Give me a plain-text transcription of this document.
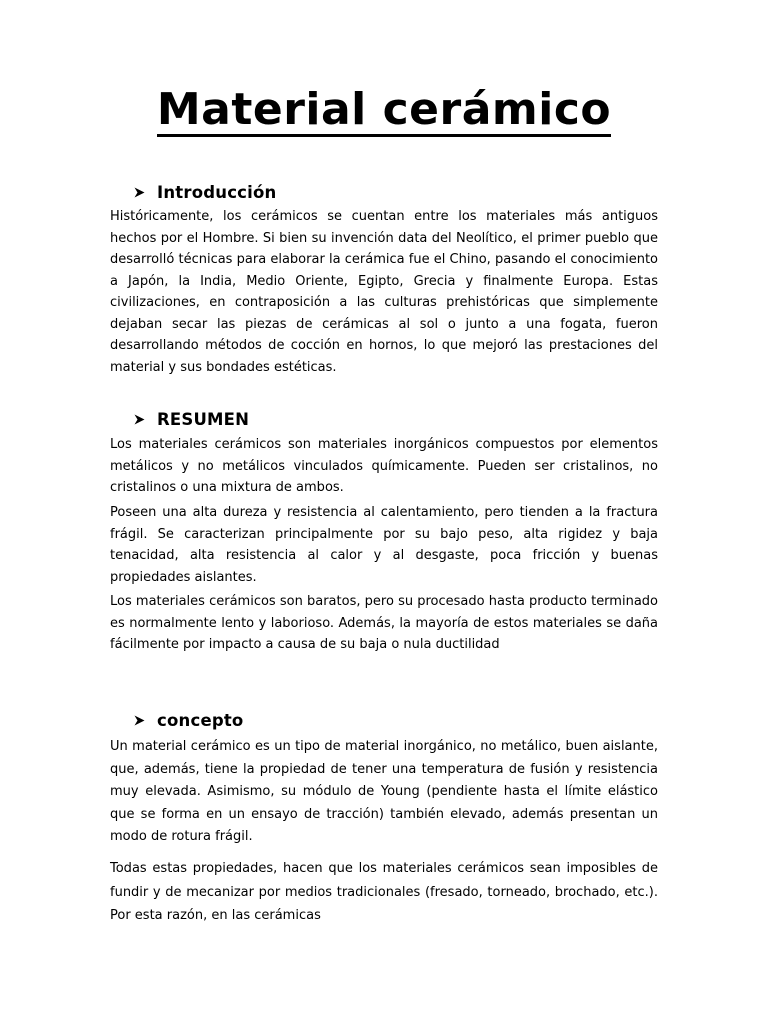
Material cerámico
Introducción

Históricamente, los cerámicos se cuentan entre los materiales más antiguos hechos por el Hombre. Si bien su invención data del Neolítico, el primer pueblo que desarrolló técnicas para elaborar la cerámica fue el Chino, pasando el conocimiento a Japón, la India, Medio Oriente, Egipto, Grecia y finalmente Europa. Estas civilizaciones, en contraposición a las culturas prehistóricas que simplemente dejaban secar las piezas de cerámicas al sol o junto a una fogata, fueron desarrollando métodos de cocción en hornos, lo que mejoró las prestaciones del material y sus bondades estéticas.

RESUMEN

Los materiales cerámicos son materiales inorgánicos compuestos por elementos metálicos y no metálicos vinculados químicamente. Pueden ser cristalinos, no cristalinos o una mixtura de ambos.

Poseen una alta dureza y resistencia al calentamiento, pero tienden a la fractura frágil. Se caracterizan principalmente por su bajo peso, alta rigidez y baja tenacidad, alta resistencia al calor y al desgaste, poca fricción y buenas propiedades aislantes.

Los materiales cerámicos son baratos, pero su procesado hasta producto terminado es normalmente lento y laborioso. Además, la mayoría de estos materiales se daña fácilmente por impacto a causa de su baja o nula ductilidad

concepto

Un material cerámico es un tipo de material inorgánico, no metálico, buen aislante, que, además, tiene la propiedad de tener una temperatura de fusión y resistencia muy elevada. Asimismo, su módulo de Young (pendiente hasta el límite elástico que se forma en un ensayo de tracción) también elevado, además presentan un modo de rotura frágil.

Todas estas propiedades, hacen que los materiales cerámicos sean imposibles de fundir y de mecanizar por medios tradicionales (fresado, torneado, brochado, etc.). Por esta razón, en las cerámicas
